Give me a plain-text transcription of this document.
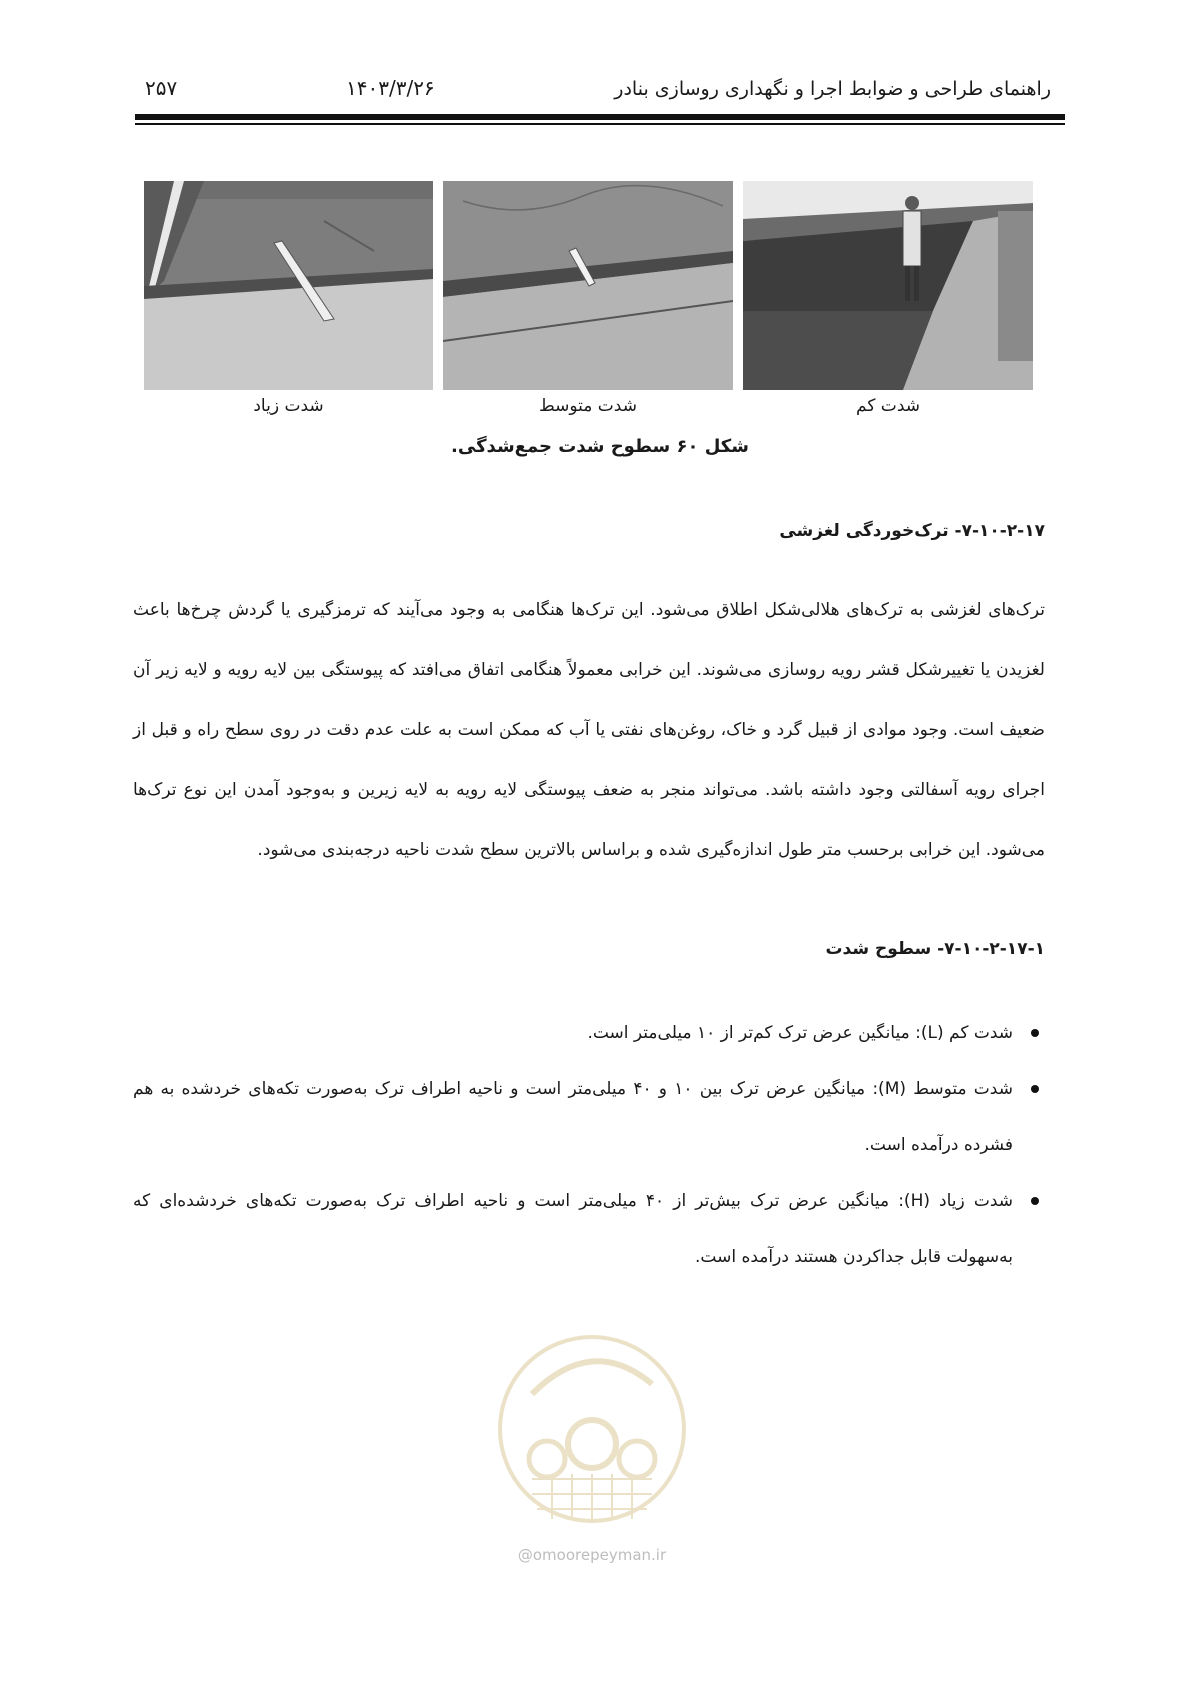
راهنمای طراحی و ضوابط اجرا و نگهداری روسازی بنادر
۱۴۰۳/۳/۲۶
۲۵۷
شدت زیاد	شدت متوسط	شدت کم
شکل ۶۰ سطوح شدت جمع‌شدگی.
۷-۱۰-۲-۱۷- ترک‌خوردگی لغزشی
ترک‌های لغزشی به ترک‌های هلالی‌شکل اطلاق می‌شود. این ترک‌ها هنگامی به وجود می‌آیند که ترمزگیری یا گردش چرخ‌ها باعث لغزیدن یا تغییرشکل قشر رویه روسازی می‌شوند. این خرابی معمولاً هنگامی اتفاق می‌افتد که پیوستگی بین لایه رویه و لایه زیر آن ضعیف است. وجود موادی از قبیل گرد و خاک، روغن‌های نفتی یا آب که ممکن است به علت عدم دقت در روی سطح راه و قبل از اجرای رویه آسفالتی وجود داشته باشد. می‌تواند منجر به ضعف پیوستگی لایه رویه به لایه زیرین و به‌وجود آمدن این نوع ترک‌ها می‌شود. این خرابی برحسب متر طول اندازه‌گیری شده و براساس بالاترین سطح شدت ناحیه درجه‌بندی می‌شود.
۷-۱۰-۲-۱۷-۱- سطوح شدت
شدت کم (L): میانگین عرض ترک کم‌تر از ۱۰ میلی‌متر است.
شدت متوسط (M): میانگین عرض ترک بین ۱۰ و ۴۰ میلی‌متر است و ناحیه اطراف ترک به‌صورت تکه‌های خردشده به هم فشرده درآمده است.
شدت زیاد (H): میانگین عرض ترک بیش‌تر از ۴۰ میلی‌متر است و ناحیه اطراف ترک به‌صورت تکه‌های خردشده‌ای که به‌سهولت قابل جداکردن هستند درآمده است.
@omoorepeyman.ir
